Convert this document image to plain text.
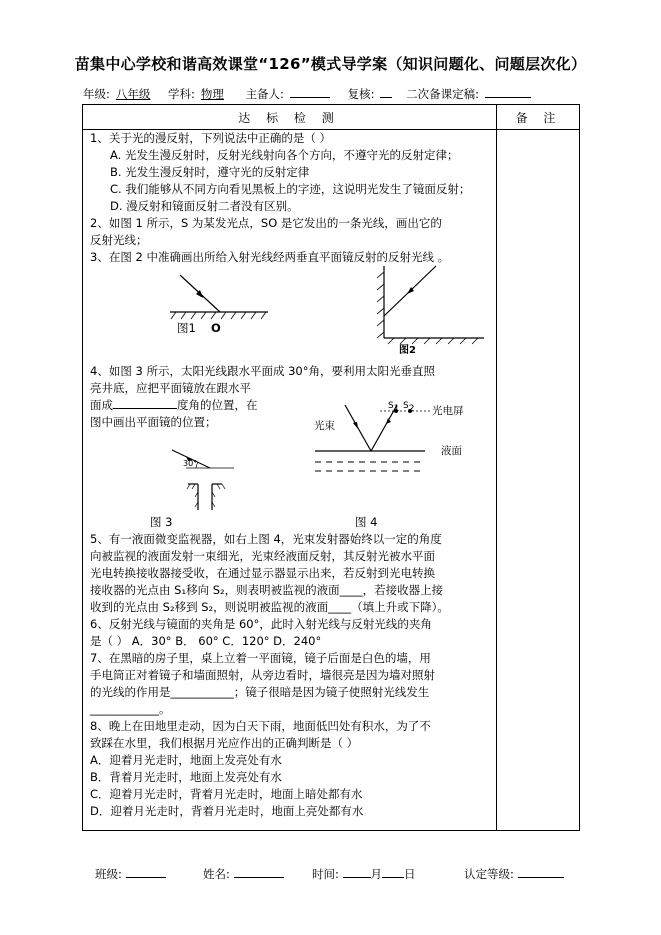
苗集中心学校和谐高效课堂“126”模式导学案（知识问题化、问题层次化）
年级: 八年级 学科: 物理 主备人:	复核:	二次备课定稿:
达 标 检 测	备 注
1、关于光的漫反射，下列说法中正确的是（ ）
A. 光发生漫反射时，反射光线射向各个方向，不遵守光的反射定律；
B. 光发生漫反射时，遵守光的反射定律
C. 我们能够从不同方向看见黑板上的字迹，这说明光发生了镜面反射；
D. 漫反射和镜面反射二者没有区别。
2、如图 1 所示，S 为某发光点，SO 是它发出的一条光线，画出它的
反射光线；
3、在图 2 中准确画出所给入射光线经两垂直平面镜反射的反射光线 。
图1 O
图2
4、如图 3 所示，太阳光线跟水平面成 30°角，要利用太阳光垂直照
亮井底，应把平面镜放在跟水平
面成	度角的位置，在
图中画出平面镜的位置；
30°
图 3
$S_1$ $S_2$ 光电屏
光束
液面
图 4
5、有一液面微变监视器，如右上图 4，光束发射器始终以一定的角度
向被监视的液面发射一束细光，光束经液面反射，其反射光被水平面
光电转换接收器接受收，在通过显示器显示出来，若反射到光电转换
接收器的光点由 S₁移向 S₂，则表明被监视的液面____，若接收器上接
收到的光点由 S₂移到 S₂，则说明被监视的液面____（填上升或下降）。
6、反射光线与镜面的夹角是 60°，此时入射光线与反射光线的夹角
是（ ） A．30° B． 60° C．120° D．240°
7、在黑暗的房子里，桌上立着一平面镜，镜子后面是白色的墙，用
手电筒正对着镜子和墙面照射，从旁边看时，墙很亮是因为墙对照射
的光线的作用是___________；镜子很暗是因为镜子使照射光线发生
____________。
8、晚上在田地里走动，因为白天下雨，地面低凹处有积水，为了不
致踩在水里，我们根据月光应作出的正确判断是（ ）
A．迎着月光走时，地面上发亮处有水
B．背着月光走时，地面上发亮处有水
C．迎着月光走时，背着月光走时，地面上暗处都有水
D．迎着月光走时，背着月光走时，地面上亮处都有水
班级:	姓名:	时间:	月 日	认定等级:
